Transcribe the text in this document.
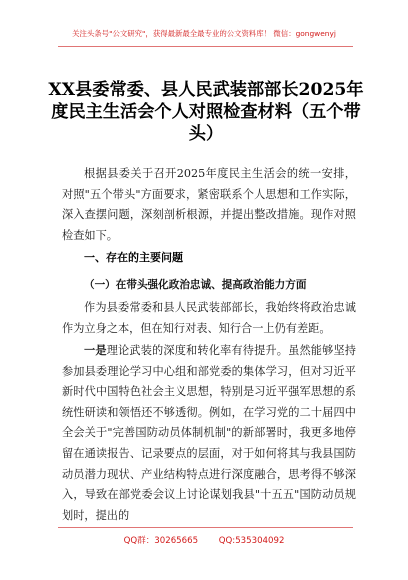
关注头条号"公文研究"，获得最新最全最专业的公文资料库！ 微信：gongwenyj
XX县委常委、县人民武装部部长2025年度民主生活会个人对照检查材料（五个带头）
根据县委关于召开2025年度民主生活会的统一安排，对照"五个带头"方面要求，紧密联系个人思想和工作实际，深入查摆问题，深刻剖析根源，并提出整改措施。现作对照检查如下。
一、存在的主要问题
（一）在带头强化政治忠诚、提高政治能力方面
作为县委常委和县人民武装部部长，我始终将政治忠诚作为立身之本，但在知行对表、知行合一上仍有差距。
一是理论武装的深度和转化率有待提升。虽然能够坚持参加县委理论学习中心组和部党委的集体学习，但对习近平新时代中国特色社会主义思想，特别是习近平强军思想的系统性研读和领悟还不够透彻。例如，在学习党的二十届四中全会关于"完善国防动员体制机制"的新部署时，我更多地停留在通读报告、记录要点的层面，对于如何将其与我县国防动员潜力现状、产业结构特点进行深度融合，思考得不够深入，导致在部党委会议上讨论谋划我县"十五五"国防动员规划时，提出的
QQ群：30265665 QQ:535304092
